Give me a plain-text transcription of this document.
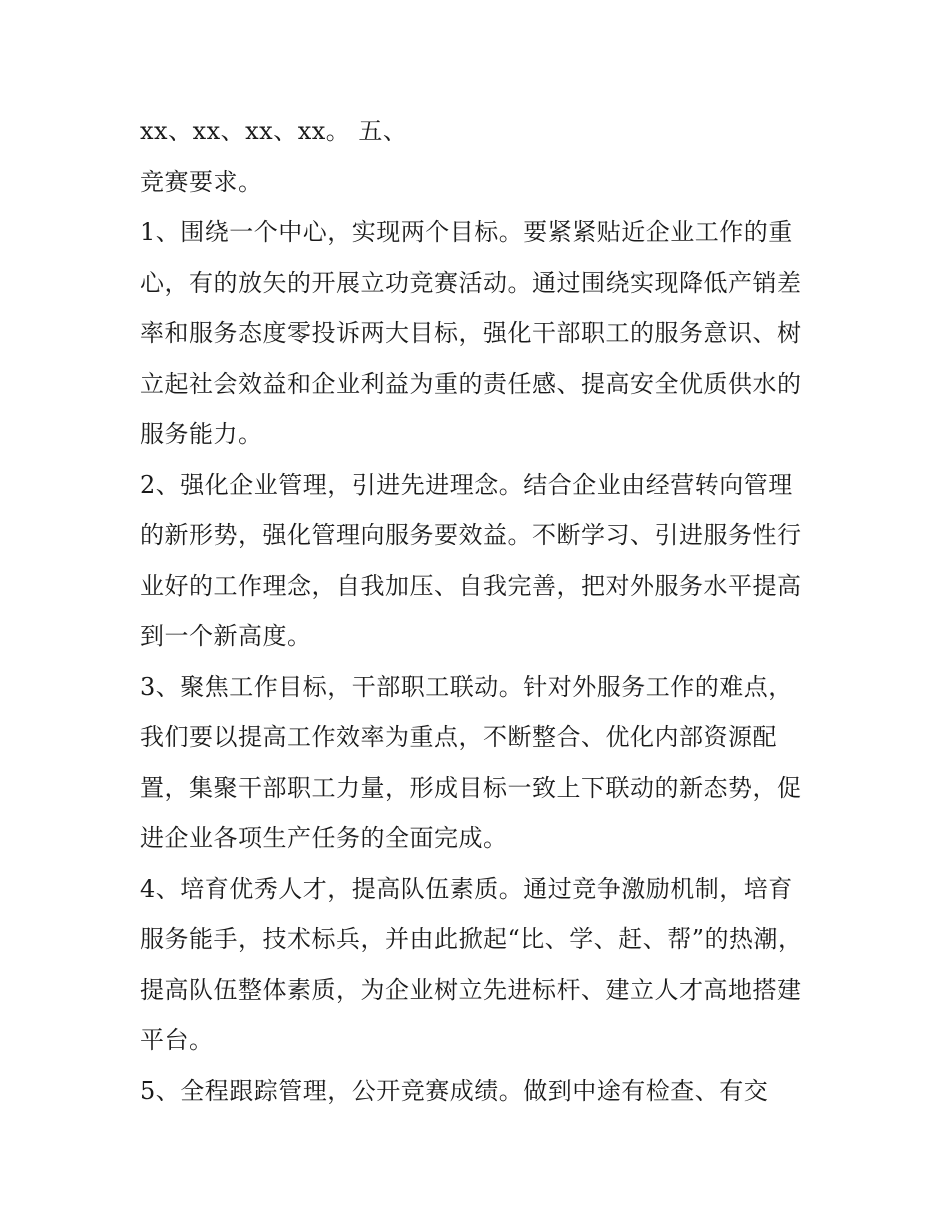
xx、xx、xx、xx。 五、
竞赛要求。
1、围绕一个中心，实现两个目标。要紧紧贴近企业工作的重
心，有的放矢的开展立功竞赛活动。通过围绕实现降低产销差
率和服务态度零投诉两大目标，强化干部职工的服务意识、树
立起社会效益和企业利益为重的责任感、提高安全优质供水的
服务能力。
2、强化企业管理，引进先进理念。结合企业由经营转向管理
的新形势，强化管理向服务要效益。不断学习、引进服务性行
业好的工作理念，自我加压、自我完善，把对外服务水平提高
到一个新高度。
3、聚焦工作目标，干部职工联动。针对外服务工作的难点，
我们要以提高工作效率为重点，不断整合、优化内部资源配
置，集聚干部职工力量，形成目标一致上下联动的新态势，促
进企业各项生产任务的全面完成。
4、培育优秀人才，提高队伍素质。通过竞争激励机制，培育
服务能手，技术标兵，并由此掀起“比、学、赶、帮”的热潮，
提高队伍整体素质，为企业树立先进标杆、建立人才高地搭建
平台。
5、全程跟踪管理，公开竞赛成绩。做到中途有检查、有交
